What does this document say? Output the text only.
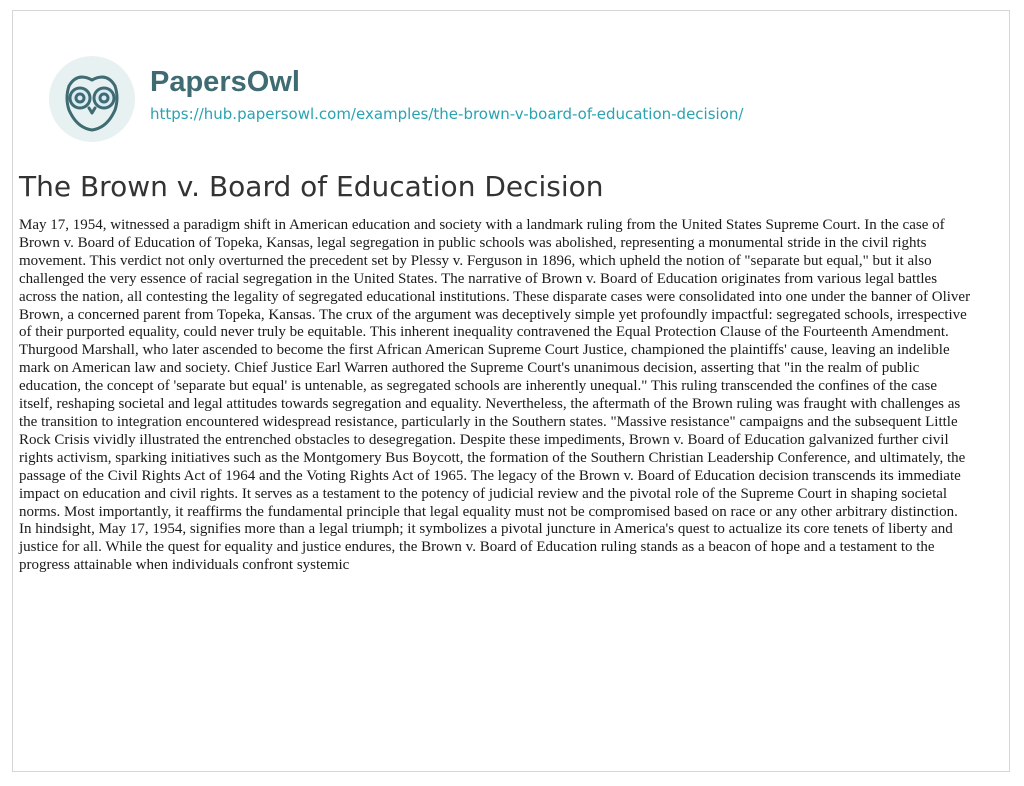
PapersOwl
https://hub.papersowl.com/examples/the-brown-v-board-of-education-decision/
The Brown v. Board of Education Decision

May 17, 1954, witnessed a paradigm shift in American education and society with a landmark ruling from the United States Supreme Court. In the case of Brown v. Board of Education of Topeka, Kansas, legal segregation in public schools was abolished, representing a monumental stride in the civil rights movement. This verdict not only overturned the precedent set by Plessy v. Ferguson in 1896, which upheld the notion of "separate but equal," but it also challenged the very essence of racial segregation in the United States. The narrative of Brown v. Board of Education originates from various legal battles across the nation, all contesting the legality of segregated educational institutions. These disparate cases were consolidated into one under the banner of Oliver Brown, a concerned parent from Topeka, Kansas. The crux of the argument was deceptively simple yet profoundly impactful: segregated schools, irrespective of their purported equality, could never truly be equitable. This inherent inequality contravened the Equal Protection Clause of the Fourteenth Amendment. Thurgood Marshall, who later ascended to become the first African American Supreme Court Justice, championed the plaintiffs' cause, leaving an indelible mark on American law and society. Chief Justice Earl Warren authored the Supreme Court's unanimous decision, asserting that "in the realm of public education, the concept of 'separate but equal' is untenable, as segregated schools are inherently unequal." This ruling transcended the confines of the case itself, reshaping societal and legal attitudes towards segregation and equality. Nevertheless, the aftermath of the Brown ruling was fraught with challenges as the transition to integration encountered widespread resistance, particularly in the Southern states. "Massive resistance" campaigns and the subsequent Little Rock Crisis vividly illustrated the entrenched obstacles to desegregation. Despite these impediments, Brown v. Board of Education galvanized further civil rights activism, sparking initiatives such as the Montgomery Bus Boycott, the formation of the Southern Christian Leadership Conference, and ultimately, the passage of the Civil Rights Act of 1964 and the Voting Rights Act of 1965. The legacy of the Brown v. Board of Education decision transcends its immediate impact on education and civil rights. It serves as a testament to the potency of judicial review and the pivotal role of the Supreme Court in shaping societal norms. Most importantly, it reaffirms the fundamental principle that legal equality must not be compromised based on race or any other arbitrary distinction. In hindsight, May 17, 1954, signifies more than a legal triumph; it symbolizes a pivotal juncture in America's quest to actualize its core tenets of liberty and justice for all. While the quest for equality and justice endures, the Brown v. Board of Education ruling stands as a beacon of hope and a testament to the progress attainable when individuals confront systemic
